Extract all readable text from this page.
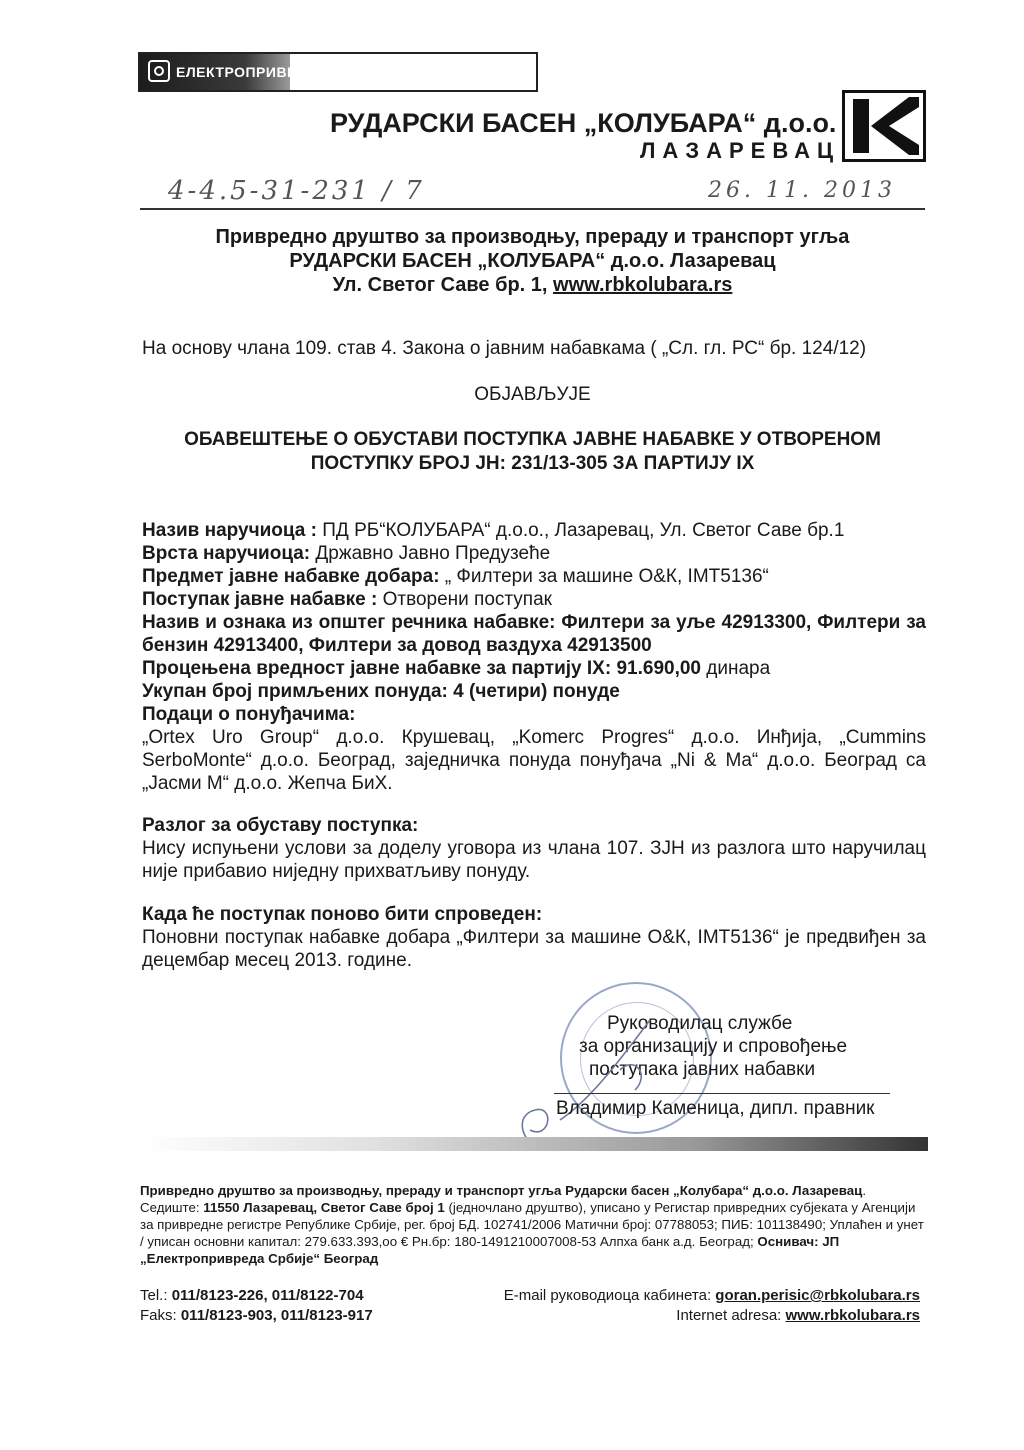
ЕЛЕКТРОПРИВРЕДА СРБИЈЕ
РУДАРСКИ БАСЕН „КОЛУБАРА“ д.о.о.
ЛАЗАРЕВАЦ
4-4.5-31-231 / 7	26. 11. 2013
Привредно друштво за производњу, прераду и транспорт угља
РУДАРСКИ БАСЕН „КОЛУБАРА“ д.о.о. Лазаревац
Ул. Светог Саве бр. 1, www.rbkolubara.rs
На основу члана 109. став 4. Закона о јавним набавкама ( „Сл. гл. РС“ бр. 124/12)
ОБЈАВЉУЈЕ
ОБАВЕШТЕЊЕ О ОБУСТАВИ ПОСТУПКА ЈАВНЕ НАБАВКЕ У ОТВОРЕНОМ
ПОСТУПКУ БРОЈ ЈН: 231/13-305 ЗА ПАРТИЈУ IX
Назив наручиоца : ПД РБ“КОЛУБАРА“ д.о.о., Лазаревац, Ул. Светог Саве бр.1
Врста наручиоца: Државно Јавно Предузеће
Предмет јавне набавке добара: „ Филтери за машине О&К, IMT5136“
Поступак јавне набавке : Отворени поступак
Назив и ознака из општег речника набавке: Филтери за уље 42913300, Филтери за бензин 42913400, Филтери за довод ваздуха 42913500
Процењена вредност јавне набавке за партију IX: 91.690,00 динара
Укупан број примљених понуда: 4 (четири) понуде
Подаци о понуђачима:
„Ortex Uro Group“ д.о.о. Крушевац, „Komerc Progres“ д.о.о. Инђија, „Cummins SerboMonte“ д.о.о. Београд, заједничка понуда понуђача „Ni & Ma“ д.о.о. Београд са „Јасми М“ д.о.о. Жепча БиХ.
Разлог за обуставу поступка:
Нису испуњени услови за доделу уговора из члана 107. ЗЈН из разлога што наручилац није прибавио ниједну прихватљиву понуду.
Када ће поступак поново бити спроведен:
Поновни поступак набавке добара „Филтери за машине О&К, IMT5136“ је предвиђен за децембар месец 2013. године.
Руководилац службе
за организацију и спровођење
поступака јавних набавки
Владимир Каменица, дипл. правник
Привредно друштво за производњу, прераду и транспорт угља Рударски басен „Колубара“ д.о.о. Лазаревац. Седиште: 11550 Лазаревац, Светог Саве број 1 (једночлано друштво), уписано у Регистар привредних субјеката у Агенцији за привредне регистре Републике Србије, рег. број БД. 102741/2006 Матични број: 07788053; ПИБ: 101138490; Уплаћен и унет / уписан основни капитал: 279.633.393,оо € Рн.бр: 180-1491210007008-53 Алпха банк а.д. Београд; Оснивач: ЈП „Електропривреда Србије“ Београд
Tel.: 011/8123-226, 011/8122-704
Faks: 011/8123-903, 011/8123-917
E-mail руководиоца кабинета: goran.perisic@rbkolubara.rs
Internet adresa: www.rbkolubara.rs
